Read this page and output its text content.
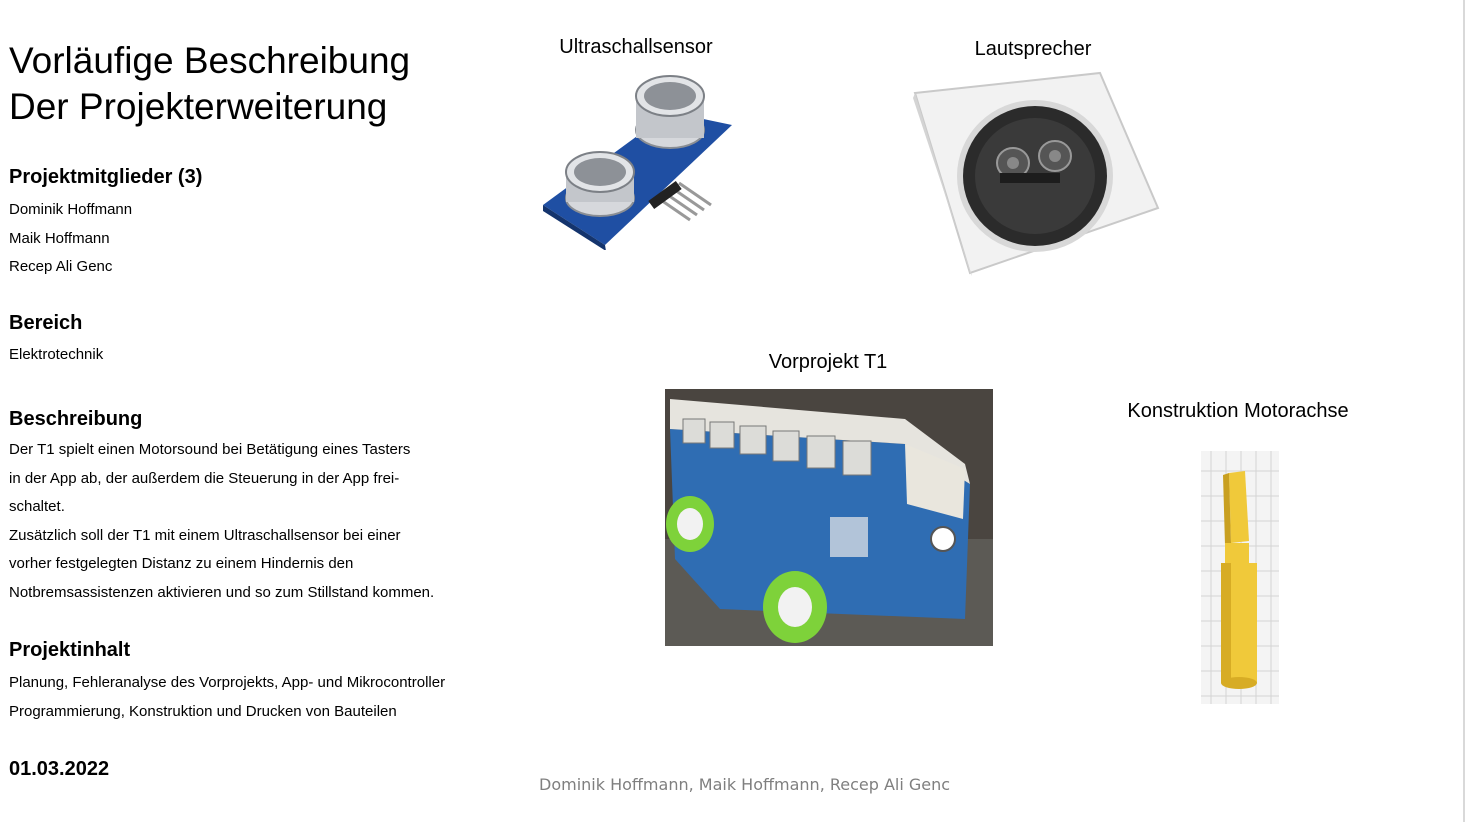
Vorläufige Beschreibung
Der Projekterweiterung
Projektmitglieder (3)
Dominik Hoffmann
Maik Hoffmann
Recep Ali Genc
Bereich
Elektrotechnik
Beschreibung
Der T1 spielt einen Motorsound bei Betätigung eines Tasters
in der App ab, der außerdem die Steuerung in der App frei-
schaltet.
Zusätzlich soll der T1 mit einem Ultraschallsensor bei einer
vorher festgelegten Distanz zu einem Hindernis den
Notbremsassistenzen aktivieren und so zum Stillstand kommen.
Projektinhalt
Planung, Fehleranalyse des Vorprojekts, App- und Mikrocontroller
Programmierung, Konstruktion und Drucken von Bauteilen
01.03.2022
Ultraschallsensor	Lautsprecher
Vorprojekt T1
Konstruktion Motorachse
Dominik Hoffmann, Maik Hoffmann, Recep Ali Genc
